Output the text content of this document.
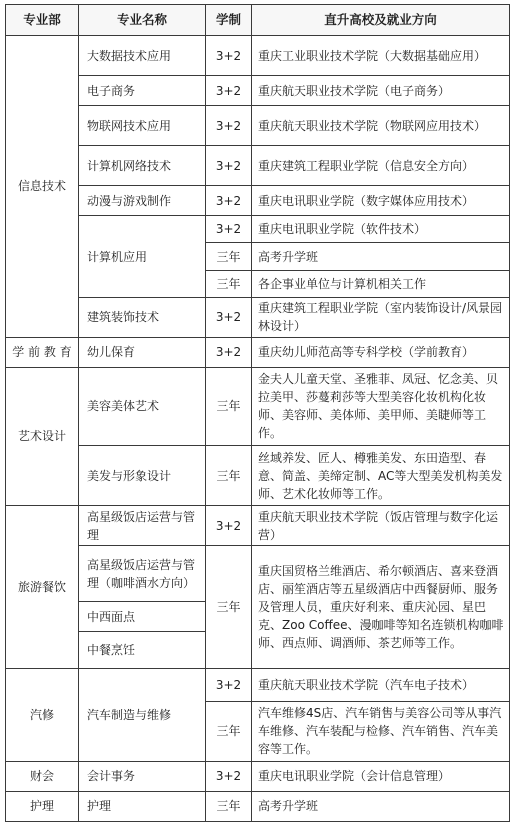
专业部	专业名称	学制	直升高校及就业方向	
信息技术	大数据技术应用	3+2	重庆工业职业技术学院（大数据基础应用）	
	电子商务	3+2	重庆航天职业技术学院（电子商务）	
	物联网技术应用	3+2	重庆航天职业技术学院（物联网应用技术）	
	计算机网络技术	3+2	重庆建筑工程职业学院（信息安全方向）	
	动漫与游戏制作	3+2	重庆电讯职业学院（数字媒体应用技术）	
	计算机应用	3+2	重庆电讯职业学院（软件技术）	
		三年	高考升学班	
		三年	各企事业单位与计算机相关工作	
	建筑装饰技术	3+2	重庆建筑工程职业学院（室内装饰设计/风景园林设计）	
学 前 教 育	幼儿保育	3+2	重庆幼儿师范高等专科学校（学前教育）	
艺术设计	美容美体艺术	三年	金夫人儿童天堂、圣雅菲、凤冠、忆念美、贝拉美甲、莎蔓莉莎等大型美容化妆机构化妆师、美容师、美体师、美甲师、美睫师等工作。	
	美发与形象设计	三年	丝域养发、匠人、樽雅美发、东田造型、春意、简盖、美缔定制、AC等大型美发机构美发师、艺术化妆师等工作。	
旅游餐饮	高星级饭店运营与管理	3+2	重庆航天职业技术学院（饭店管理与数字化运营）	
	高星级饭店运营与管理（咖啡酒水方向）	三年	重庆国贸格兰维酒店、希尔顿酒店、喜来登酒店、丽笙酒店等五星级酒店中西餐厨师、服务及管理人员，重庆好利来、重庆沁园、星巴克、Zoo Coffee、漫咖啡等知名连锁机构咖啡师、西点师、调酒师、茶艺师等工作。	
	中西面点			
	中餐烹饪	
汽修	汽车制造与维修	3+2	重庆航天职业技术学院（汽车电子技术）	
		三年	汽车维修4S店、汽车销售与美容公司等从事汽车维修、汽车装配与检修、汽车销售、汽车美容等工作。	
财会	会计事务	3+2	重庆电讯职业学院（会计信息管理）	
护理	护理	三年	高考升学班	
